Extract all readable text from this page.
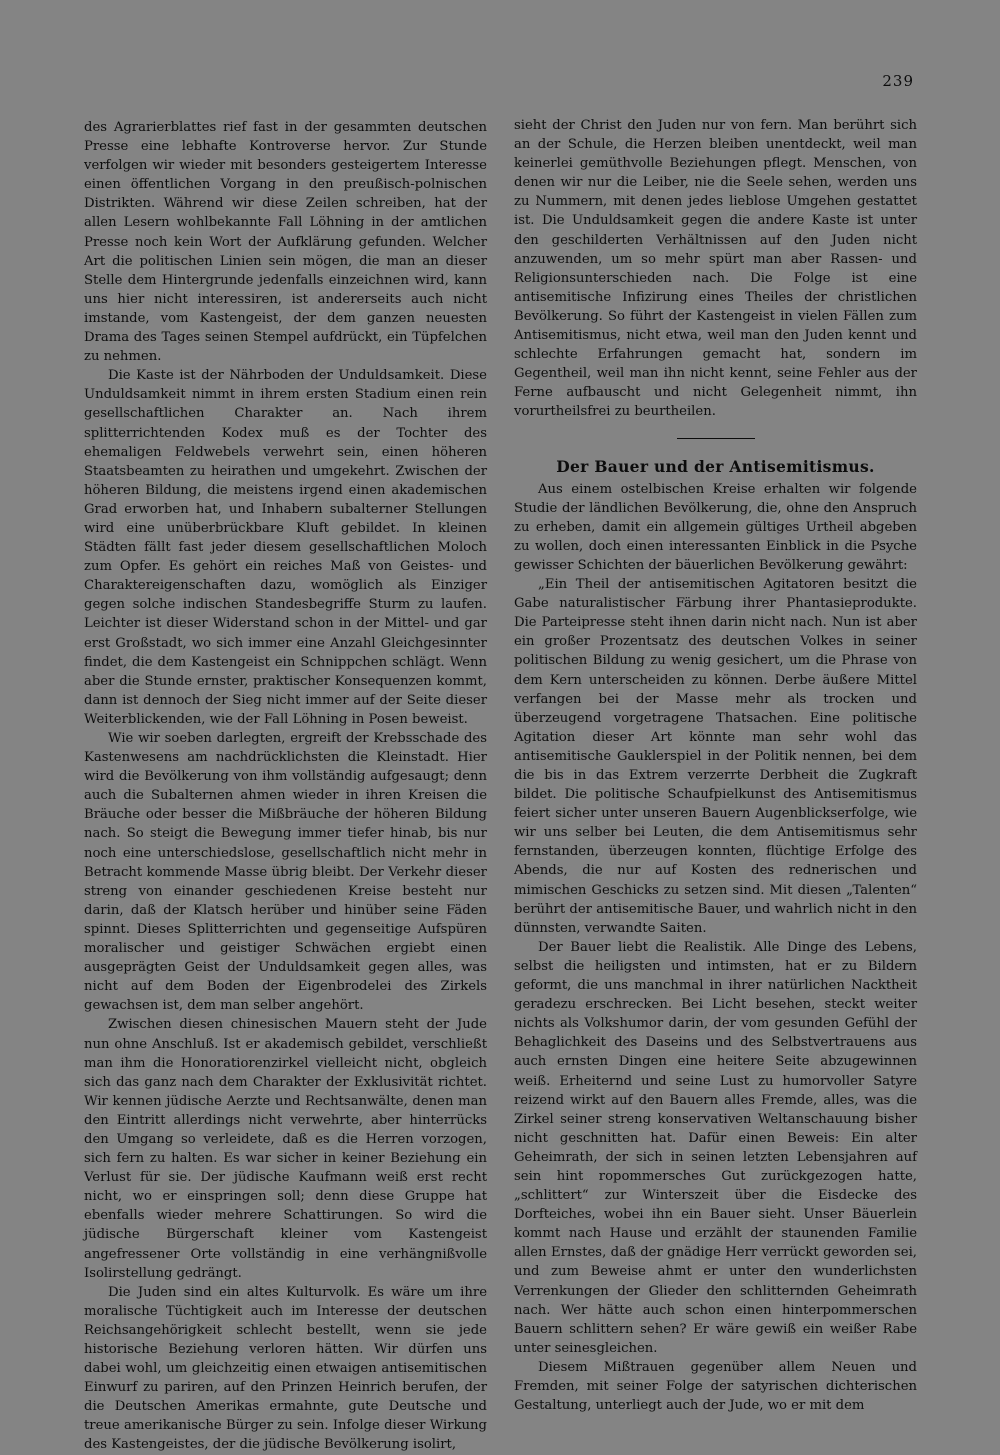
239

des Agrarierblattes rief fast in der gesammten deutschen Presse eine lebhafte Kontroverse hervor. Zur Stunde verfolgen wir wieder mit besonders gesteigertem Interesse einen öffentlichen Vorgang in den preußisch-polnischen Distrikten. Während wir diese Zeilen schreiben, hat der allen Lesern wohlbekannte Fall Löhning in der amtlichen Presse noch kein Wort der Aufklärung gefunden. Welcher Art die politischen Linien sein mögen, die man an dieser Stelle dem Hintergrunde jedenfalls einzeichnen wird, kann uns hier nicht interessiren, ist andererseits auch nicht imstande, vom Kastengeist, der dem ganzen neuesten Drama des Tages seinen Stempel aufdrückt, ein Tüpfelchen zu nehmen.

Die Kaste ist der Nährboden der Unduldsamkeit. Diese Unduldsamkeit nimmt in ihrem ersten Stadium einen rein gesellschaftlichen Charakter an. Nach ihrem splitterrichtenden Kodex muß es der Tochter des ehemaligen Feldwebels verwehrt sein, einen höheren Staatsbeamten zu heirathen und umgekehrt. Zwischen der höheren Bildung, die meistens irgend einen akademischen Grad erworben hat, und Inhabern subalterner Stellungen wird eine unüberbrückbare Kluft gebildet. In kleinen Städten fällt fast jeder diesem gesellschaftlichen Moloch zum Opfer. Es gehört ein reiches Maß von Geistes- und Charaktereigenschaften dazu, womöglich als Einziger gegen solche indischen Standesbegriffe Sturm zu laufen. Leichter ist dieser Widerstand schon in der Mittel- und gar erst Großstadt, wo sich immer eine Anzahl Gleichgesinnter findet, die dem Kastengeist ein Schnippchen schlägt. Wenn aber die Stunde ernster, praktischer Konsequenzen kommt, dann ist dennoch der Sieg nicht immer auf der Seite dieser Weiterblickenden, wie der Fall Löhning in Posen beweist.

Wie wir soeben darlegten, ergreift der Krebsschade des Kastenwesens am nachdrücklichsten die Kleinstadt. Hier wird die Bevölkerung von ihm vollständig aufgesaugt; denn auch die Subalternen ahmen wieder in ihren Kreisen die Bräuche oder besser die Mißbräuche der höheren Bildung nach. So steigt die Bewegung immer tiefer hinab, bis nur noch eine unterschiedslose, gesellschaftlich nicht mehr in Betracht kommende Masse übrig bleibt. Der Verkehr dieser streng von einander geschiedenen Kreise besteht nur darin, daß der Klatsch herüber und hinüber seine Fäden spinnt. Dieses Splitterrichten und gegenseitige Aufspüren moralischer und geistiger Schwächen ergiebt einen ausgeprägten Geist der Unduldsamkeit gegen alles, was nicht auf dem Boden der Eigenbrodelei des Zirkels gewachsen ist, dem man selber angehört.

Zwischen diesen chinesischen Mauern steht der Jude nun ohne Anschluß. Ist er akademisch gebildet, verschließt man ihm die Honoratiorenzirkel vielleicht nicht, obgleich sich das ganz nach dem Charakter der Exklusivität richtet. Wir kennen jüdische Aerzte und Rechtsanwälte, denen man den Eintritt allerdings nicht verwehrte, aber hinterrücks den Umgang so verleidete, daß es die Herren vorzogen, sich fern zu halten. Es war sicher in keiner Beziehung ein Verlust für sie. Der jüdische Kaufmann weiß erst recht nicht, wo er einspringen soll; denn diese Gruppe hat ebenfalls wieder mehrere Schattirungen. So wird die jüdische Bürgerschaft kleiner vom Kastengeist angefressener Orte vollständig in eine verhängnißvolle Isolirstellung gedrängt.

Die Juden sind ein altes Kulturvolk. Es wäre um ihre moralische Tüchtigkeit auch im Interesse der deutschen Reichsangehörigkeit schlecht bestellt, wenn sie jede historische Beziehung verloren hätten. Wir dürfen uns dabei wohl, um gleichzeitig einen etwaigen antisemitischen Einwurf zu pariren, auf den Prinzen Heinrich berufen, der die Deutschen Amerikas ermahnte, gute Deutsche und treue amerikanische Bürger zu sein. Infolge dieser Wirkung des Kastengeistes, der die jüdische Bevölkerung isolirt,

sieht der Christ den Juden nur von fern. Man berührt sich an der Schule, die Herzen bleiben unentdeckt, weil man keinerlei gemüthvolle Beziehungen pflegt. Menschen, von denen wir nur die Leiber, nie die Seele sehen, werden uns zu Nummern, mit denen jedes lieblose Umgehen gestattet ist. Die Unduldsamkeit gegen die andere Kaste ist unter den geschilderten Verhältnissen auf den Juden nicht anzuwenden, um so mehr spürt man aber Rassen- und Religionsunterschieden nach. Die Folge ist eine antisemitische Infizirung eines Theiles der christlichen Bevölkerung. So führt der Kastengeist in vielen Fällen zum Antisemitismus, nicht etwa, weil man den Juden kennt und schlechte Erfahrungen gemacht hat, sondern im Gegentheil, weil man ihn nicht kennt, seine Fehler aus der Ferne aufbauscht und nicht Gelegenheit nimmt, ihn vorurtheilsfrei zu beurtheilen.

Der Bauer und der Antisemitismus.

Aus einem ostelbischen Kreise erhalten wir folgende Studie der ländlichen Bevölkerung, die, ohne den Anspruch zu erheben, damit ein allgemein gültiges Urtheil abgeben zu wollen, doch einen interessanten Einblick in die Psyche gewisser Schichten der bäuerlichen Bevölkerung gewährt:

„Ein Theil der antisemitischen Agitatoren besitzt die Gabe naturalistischer Färbung ihrer Phantasieprodukte. Die Parteipresse steht ihnen darin nicht nach. Nun ist aber ein großer Prozentsatz des deutschen Volkes in seiner politischen Bildung zu wenig gesichert, um die Phrase von dem Kern unterscheiden zu können. Derbe äußere Mittel verfangen bei der Masse mehr als trocken und überzeugend vorgetragene Thatsachen. Eine politische Agitation dieser Art könnte man sehr wohl das antisemitische Gauklerspiel in der Politik nennen, bei dem die bis in das Extrem verzerrte Derbheit die Zugkraft bildet. Die politische Schaufpielkunst des Antisemitismus feiert sicher unter unseren Bauern Augenblickserfolge, wie wir uns selber bei Leuten, die dem Antisemitismus sehr fernstanden, überzeugen konnten, flüchtige Erfolge des Abends, die nur auf Kosten des rednerischen und mimischen Geschicks zu setzen sind. Mit diesen „Talenten“ berührt der antisemitische Bauer, und wahrlich nicht in den dünnsten, verwandte Saiten.

Der Bauer liebt die Realistik. Alle Dinge des Lebens, selbst die heiligsten und intimsten, hat er zu Bildern geformt, die uns manchmal in ihrer natürlichen Nacktheit geradezu erschrecken. Bei Licht besehen, steckt weiter nichts als Volkshumor darin, der vom gesunden Gefühl der Behaglichkeit des Daseins und des Selbstvertrauens aus auch ernsten Dingen eine heitere Seite abzugewinnen weiß. Erheiternd und seine Lust zu humorvoller Satyre reizend wirkt auf den Bauern alles Fremde, alles, was die Zirkel seiner streng konservativen Weltanschauung bisher nicht geschnitten hat. Dafür einen Beweis: Ein alter Geheimrath, der sich in seinen letzten Lebensjahren auf sein hint ropommersches Gut zurückgezogen hatte, „schlittert“ zur Winterszeit über die Eisdecke des Dorfteiches, wobei ihn ein Bauer sieht. Unser Bäuerlein kommt nach Hause und erzählt der staunenden Familie allen Ernstes, daß der gnädige Herr verrückt geworden sei, und zum Beweise ahmt er unter den wunderlichsten Verrenkungen der Glieder den schlitternden Geheimrath nach. Wer hätte auch schon einen hinterpommerschen Bauern schlittern sehen? Er wäre gewiß ein weißer Rabe unter seinesgleichen.

Diesem Mißtrauen gegenüber allem Neuen und Fremden, mit seiner Folge der satyrischen dichterischen Gestaltung, unterliegt auch der Jude, wo er mit dem
